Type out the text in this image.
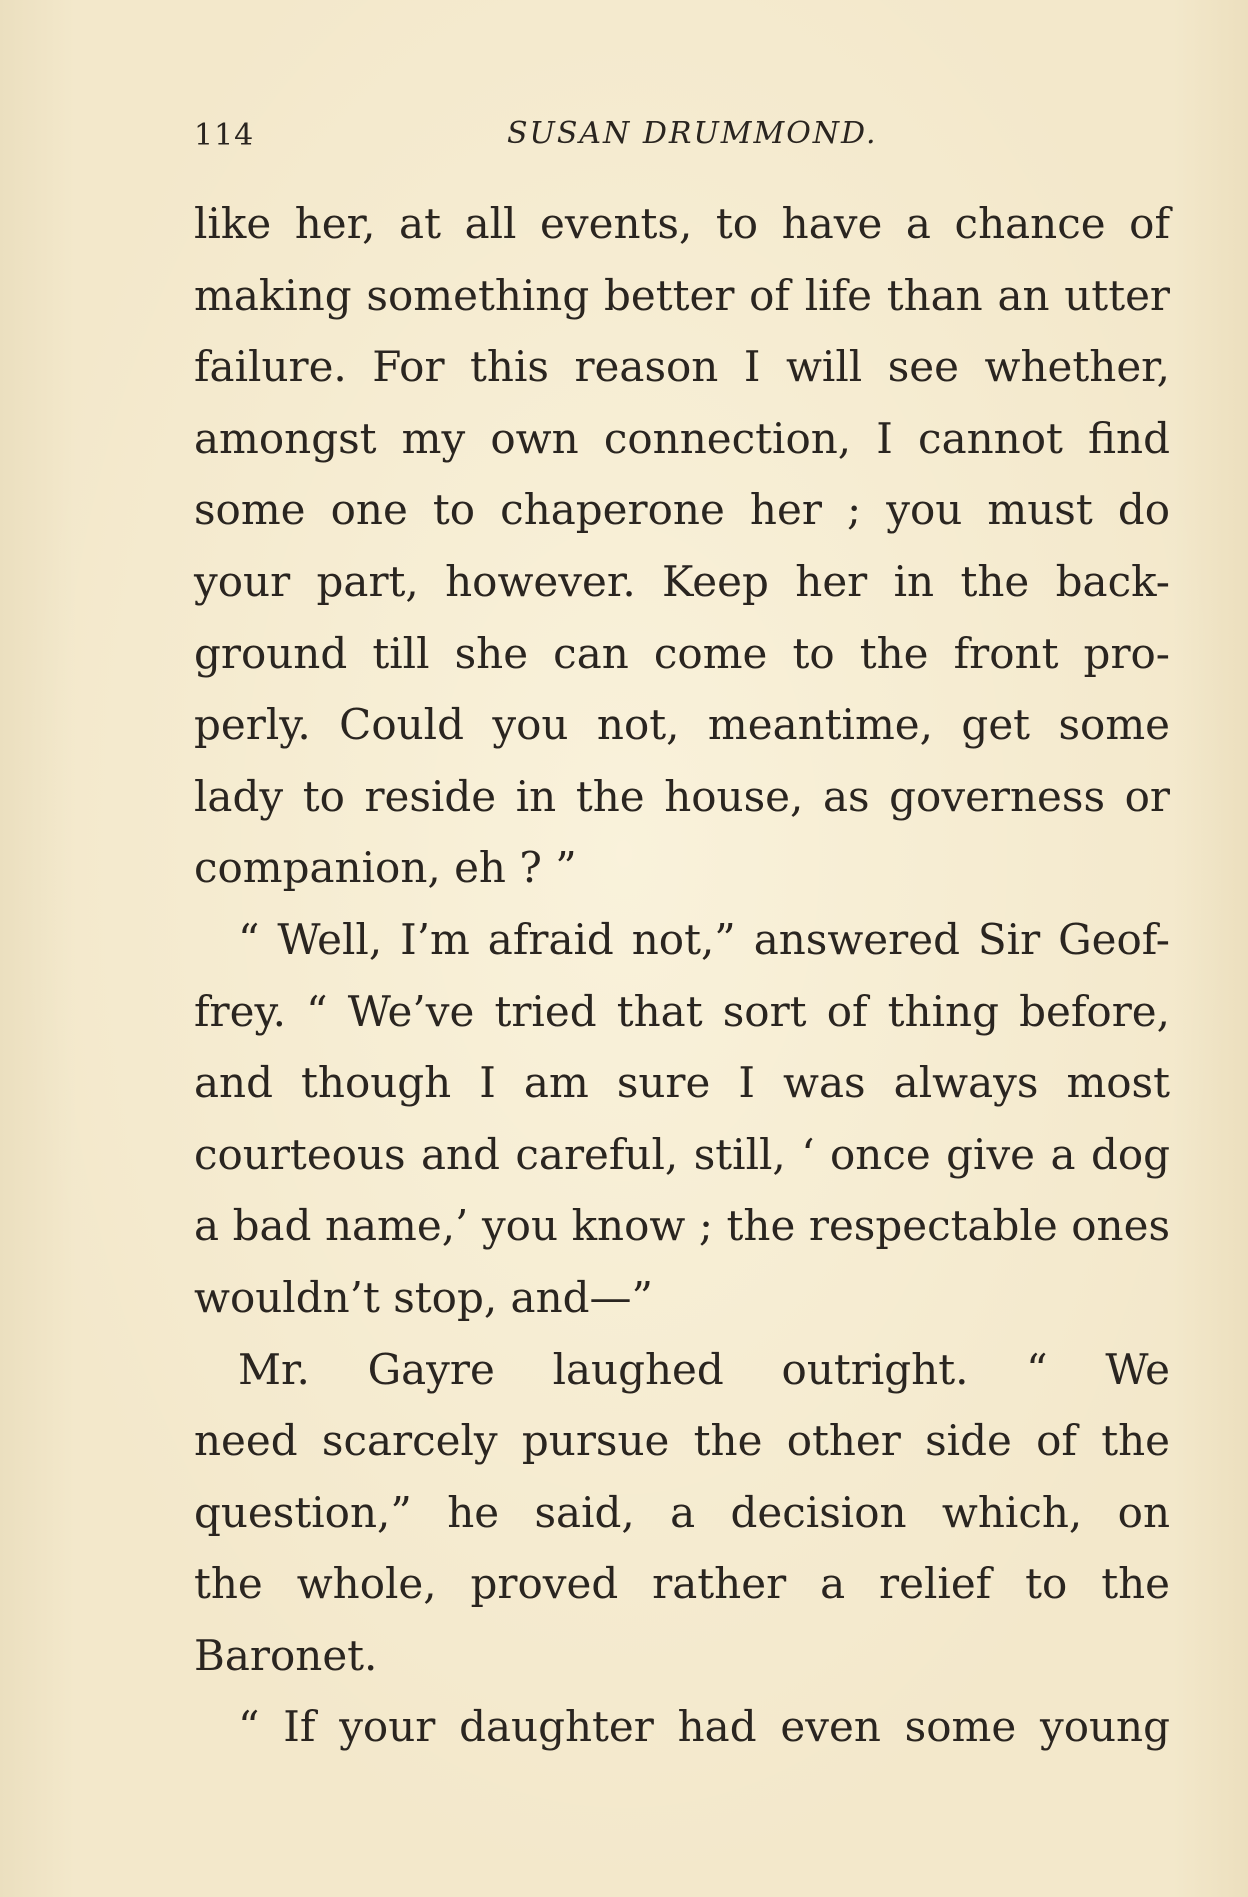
114	SUSAN DRUMMOND.
like her, at all events, to have a chance of
making something better of life than an utter
failure. For this reason I will see whether,
amongst my own connection, I cannot find
some one to chaperone her ; you must do
your part, however. Keep her in the back-
ground till she can come to the front pro-
perly. Could you not, meantime, get some
lady to reside in the house, as governess or
companion, eh ? ”
“ Well, I’m afraid not,” answered Sir Geof-
frey. “ We’ve tried that sort of thing before,
and though I am sure I was always most
courteous and careful, still, ‘ once give a dog
a bad name,’ you know ; the respectable ones
wouldn’t stop, and—”
Mr. Gayre laughed outright. “ We
need scarcely pursue the other side of the
question,” he said, a decision which, on
the whole, proved rather a relief to the
Baronet.
“ If your daughter had even some young
